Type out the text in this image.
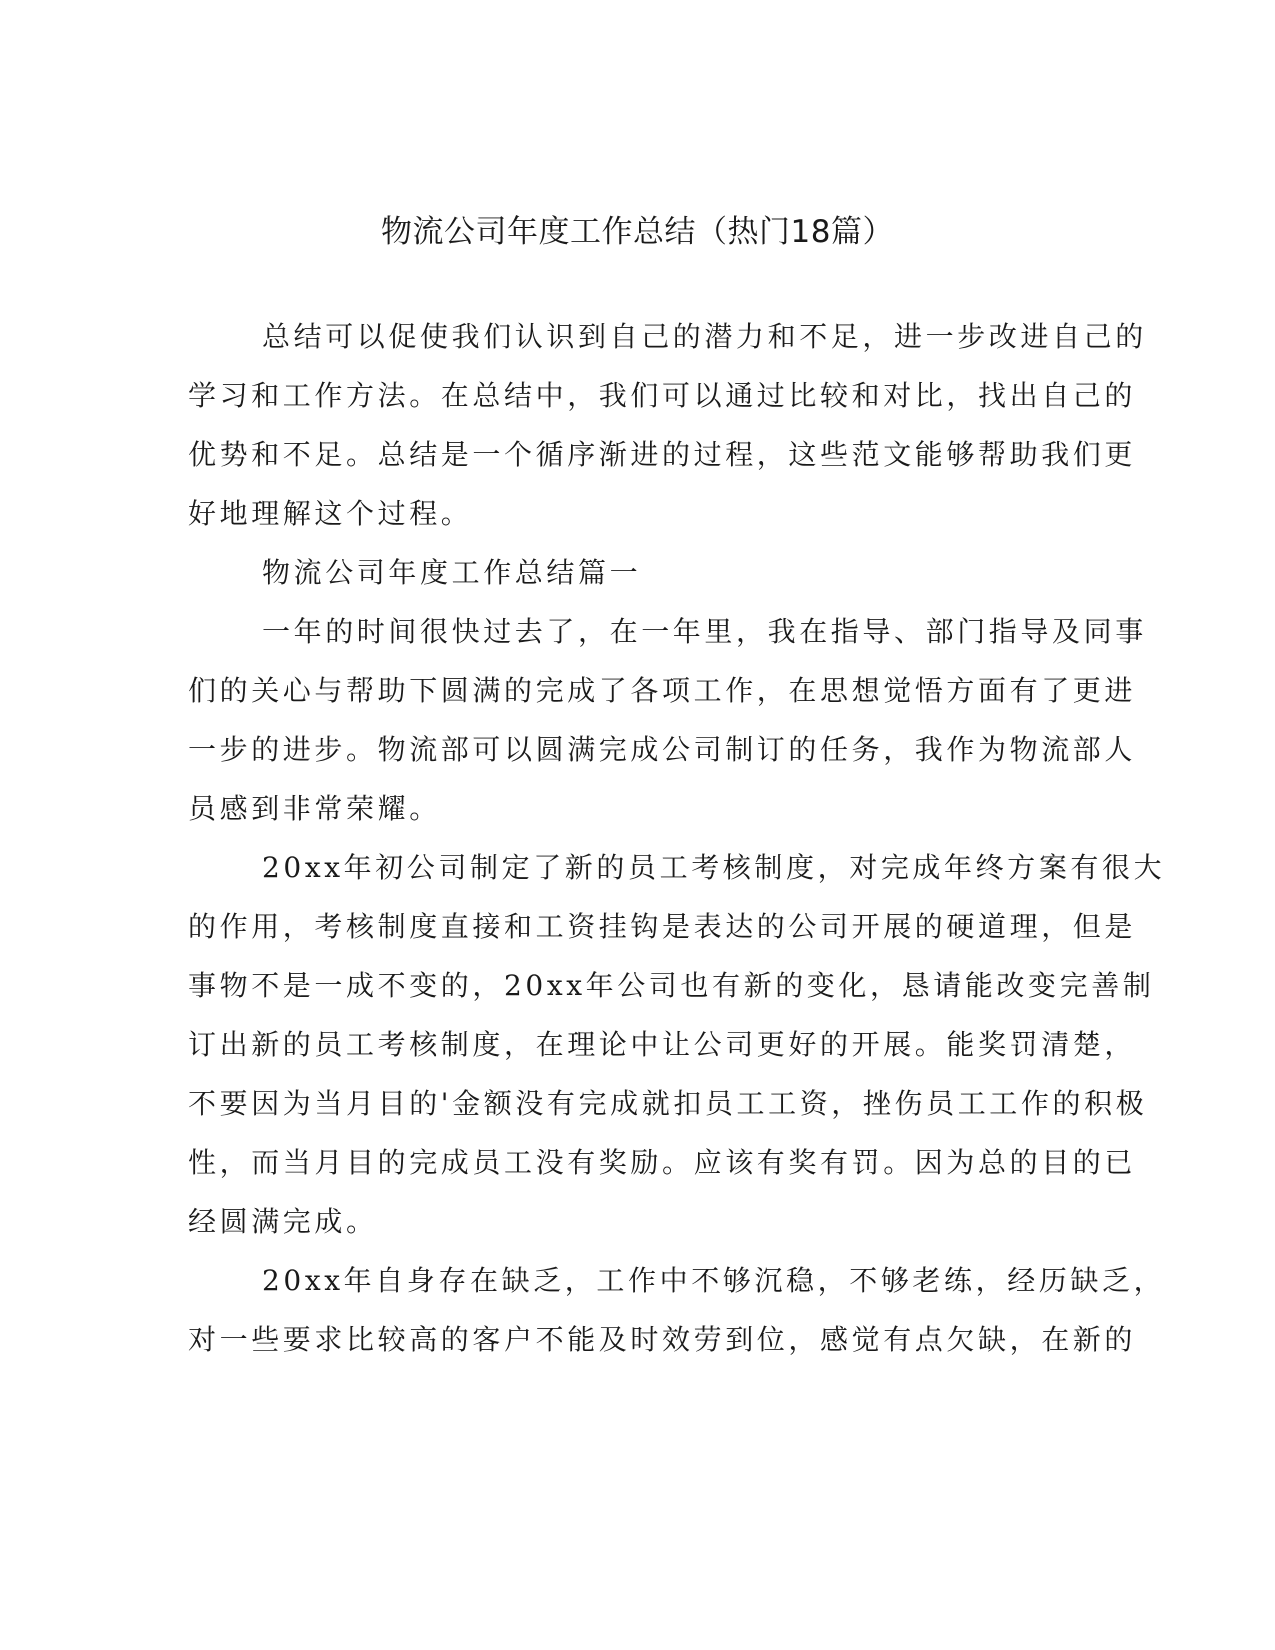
物流公司年度工作总结（热门18篇）
总结可以促使我们认识到自己的潜力和不足，进一步改进自己的
学习和工作方法。在总结中，我们可以通过比较和对比，找出自己的
优势和不足。总结是一个循序渐进的过程，这些范文能够帮助我们更
好地理解这个过程。
物流公司年度工作总结篇一
一年的时间很快过去了，在一年里，我在指导、部门指导及同事
们的关心与帮助下圆满的完成了各项工作，在思想觉悟方面有了更进
一步的进步。物流部可以圆满完成公司制订的任务，我作为物流部人
员感到非常荣耀。
20xx年初公司制定了新的员工考核制度，对完成年终方案有很大
的作用，考核制度直接和工资挂钩是表达的公司开展的硬道理，但是
事物不是一成不变的，20xx年公司也有新的变化，恳请能改变完善制
订出新的员工考核制度，在理论中让公司更好的开展。能奖罚清楚，
不要因为当月目的'金额没有完成就扣员工工资，挫伤员工工作的积极
性，而当月目的完成员工没有奖励。应该有奖有罚。因为总的目的已
经圆满完成。
20xx年自身存在缺乏，工作中不够沉稳，不够老练，经历缺乏，
对一些要求比较高的客户不能及时效劳到位，感觉有点欠缺，在新的
